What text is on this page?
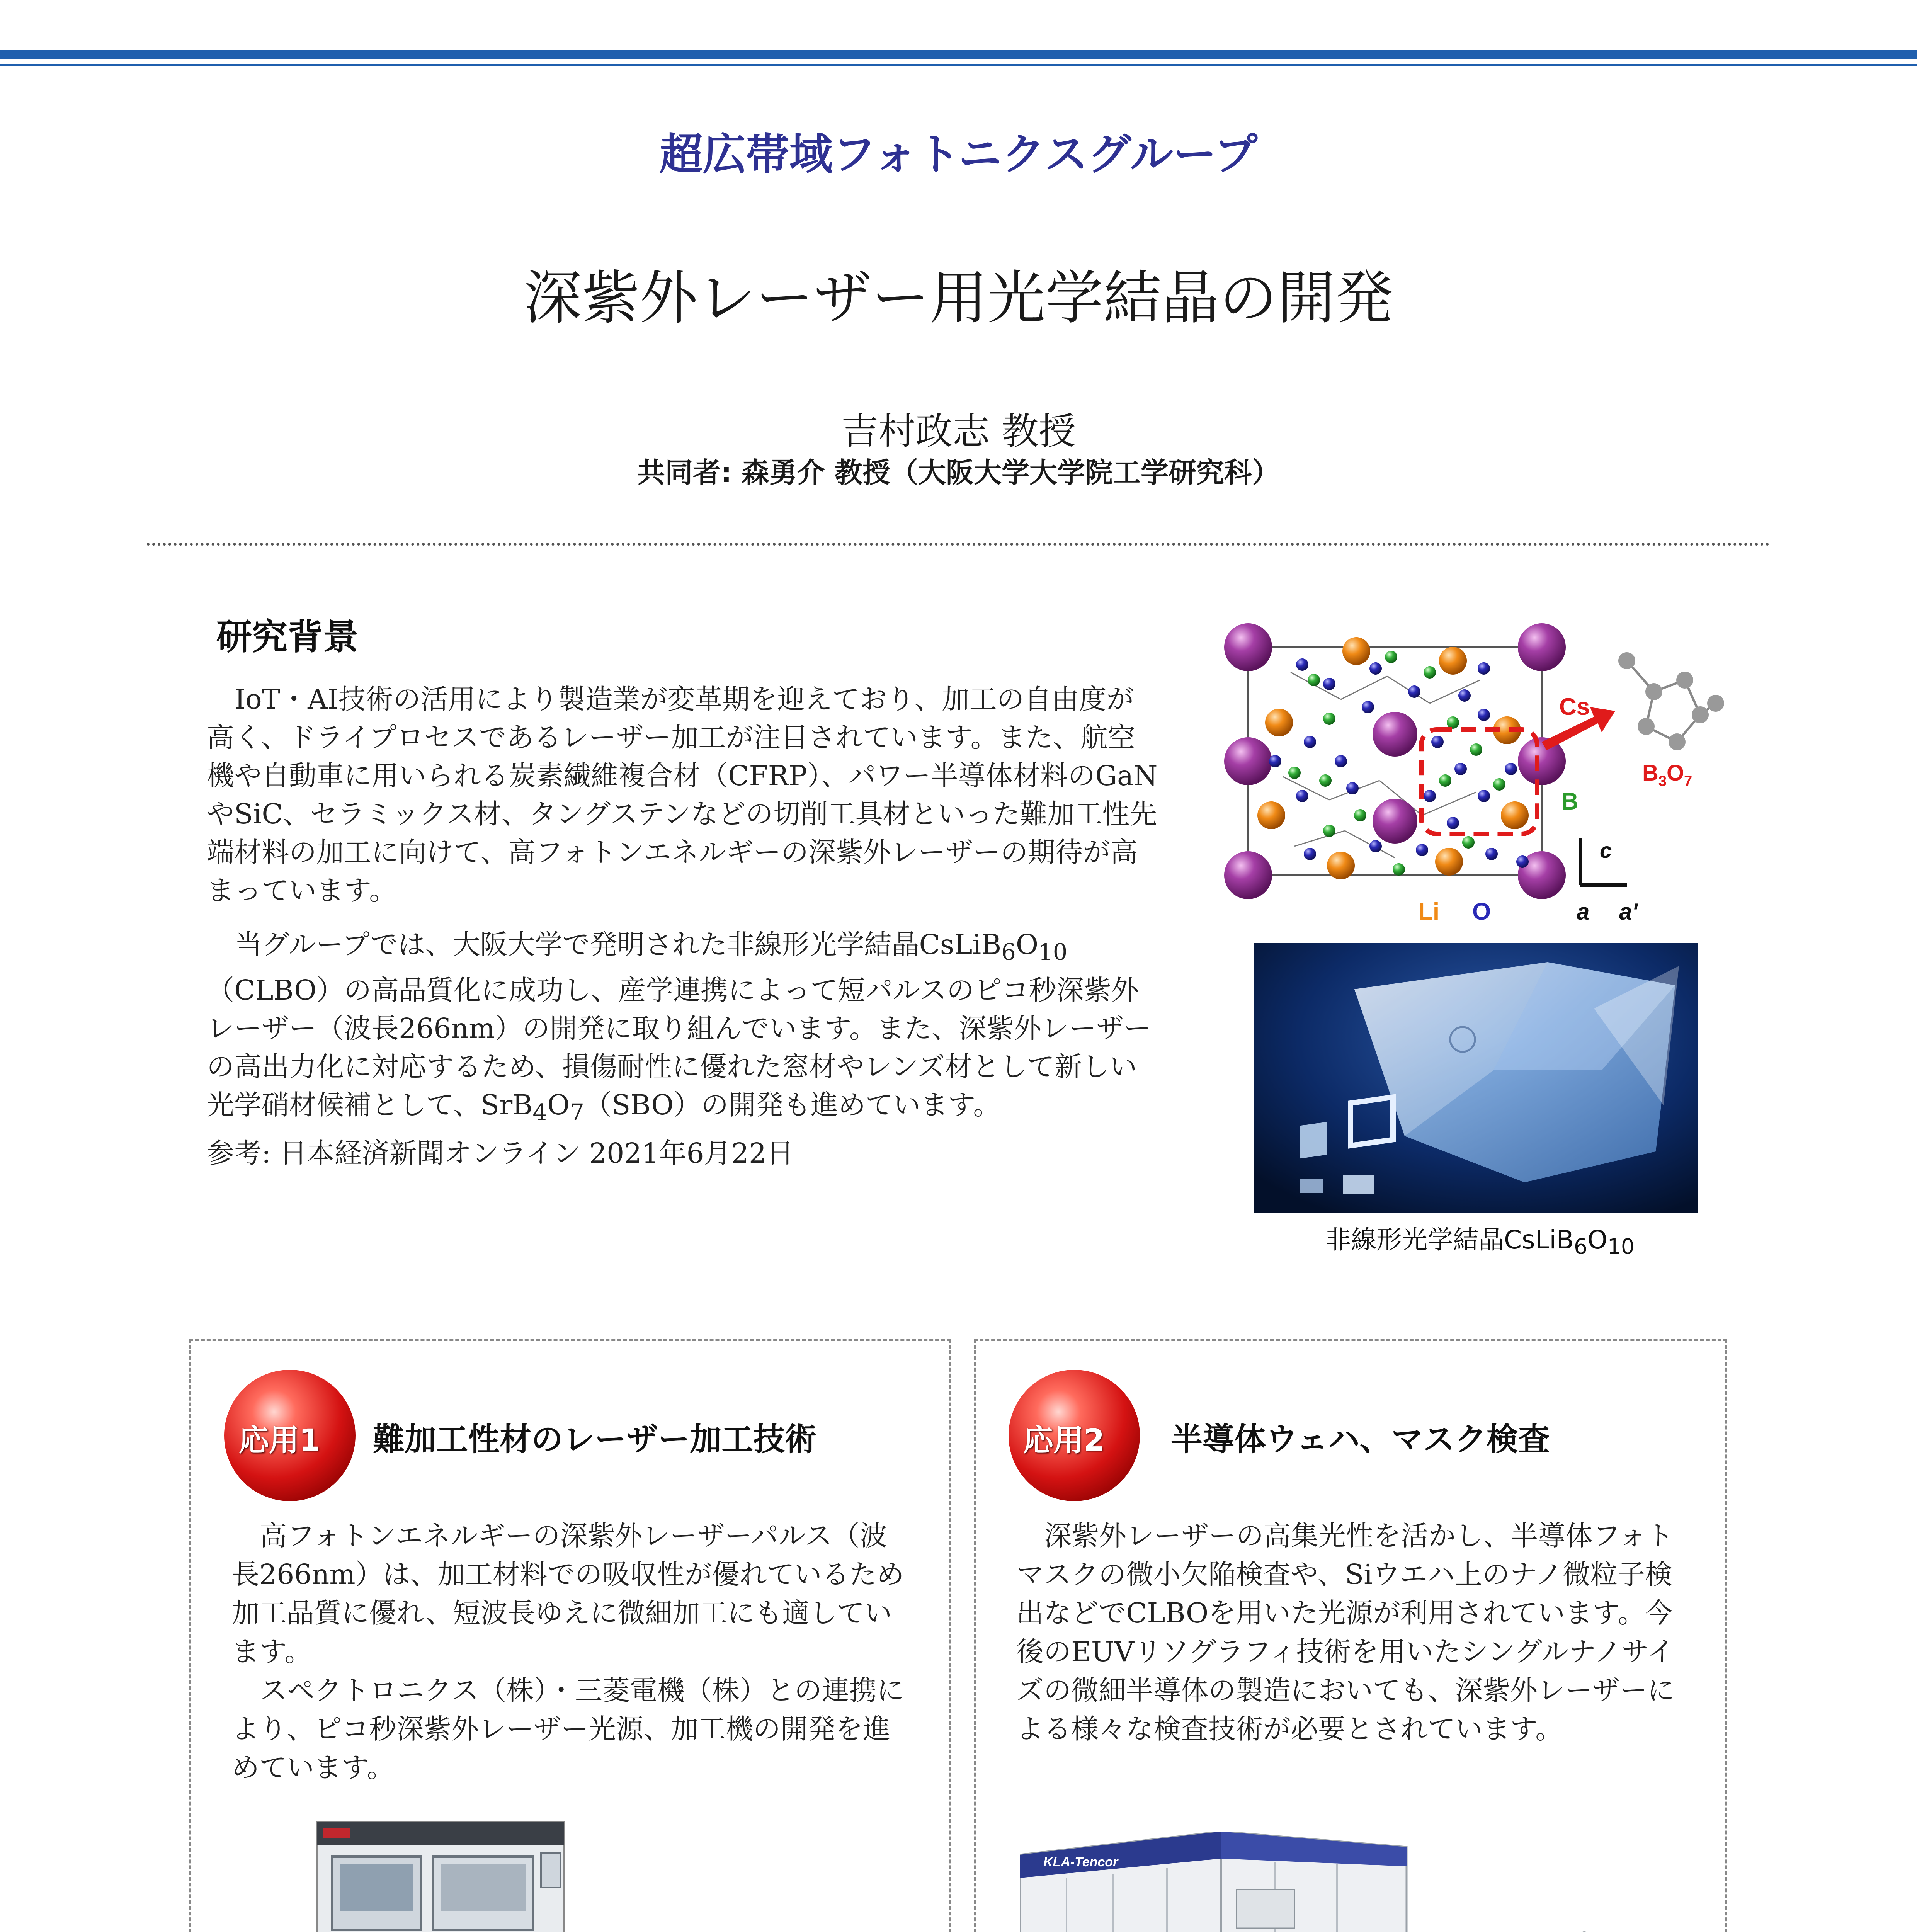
超広帯域フォトニクスグループ
深紫外レーザー用光学結晶の開発
吉村政志 教授
共同者: 森勇介 教授（大阪大学大学院工学研究科）
研究背景
IoT・AI技術の活用により製造業が変革期を迎えており、加工の自由度が高く、ドライプロセスであるレーザー加工が注目されています。また、航空機や自動車に用いられる炭素繊維複合材（CFRP）、パワー半導体材料のGaNやSiC、セラミックス材、タングステンなどの切削工具材といった難加工性先端材料の加工に向けて、高フォトンエネルギーの深紫外レーザーの期待が高まっています。
当グループでは、大阪大学で発明された非線形光学結晶$CsLiB_6O_{10}(CLBO)$の高品質化に成功し、産学連携によって短パルスのピコ秒深紫外レーザー（波長266nm）の開発に取り組んでいます。また、深紫外レーザーの高出力化に対応するため、損傷耐性に優れた窓材やレンズ材として新しい光学硝材候補として、$SrB_4O_7(SBO)$の開発も進めています。
参考: 日本経済新聞オンライン 2021年6月22日
Cs
$B_3O_7$
B
c
Li O	a a'
非線形光学結晶$CsLiB_6O_{10}$
応用1 難加工性材のレーザー加工技術
高フォトンエネルギーの深紫外レーザーパルス（波長266nm）は、加工材料での吸収性が優れているため加工品質に優れ、短波長ゆえに微細加工にも適しています。
スペクトロニクス（株）・三菱電機（株）との連携により、ピコ秒深紫外レーザー光源、加工機の開発を進めています。
応用2 半導体ウェハ、マスク検査
深紫外レーザーの高集光性を活かし、半導体フォトマスクの微小欠陥検査や、Siウエハ上のナノ微粒子検出などでCLBOを用いた光源が利用されています。今後のEUVリソグラフィ技術を用いたシングルナノサイズの微細半導体の製造においても、深紫外レーザーによる様々な検査技術が必要とされています。
KLA-Tencor
